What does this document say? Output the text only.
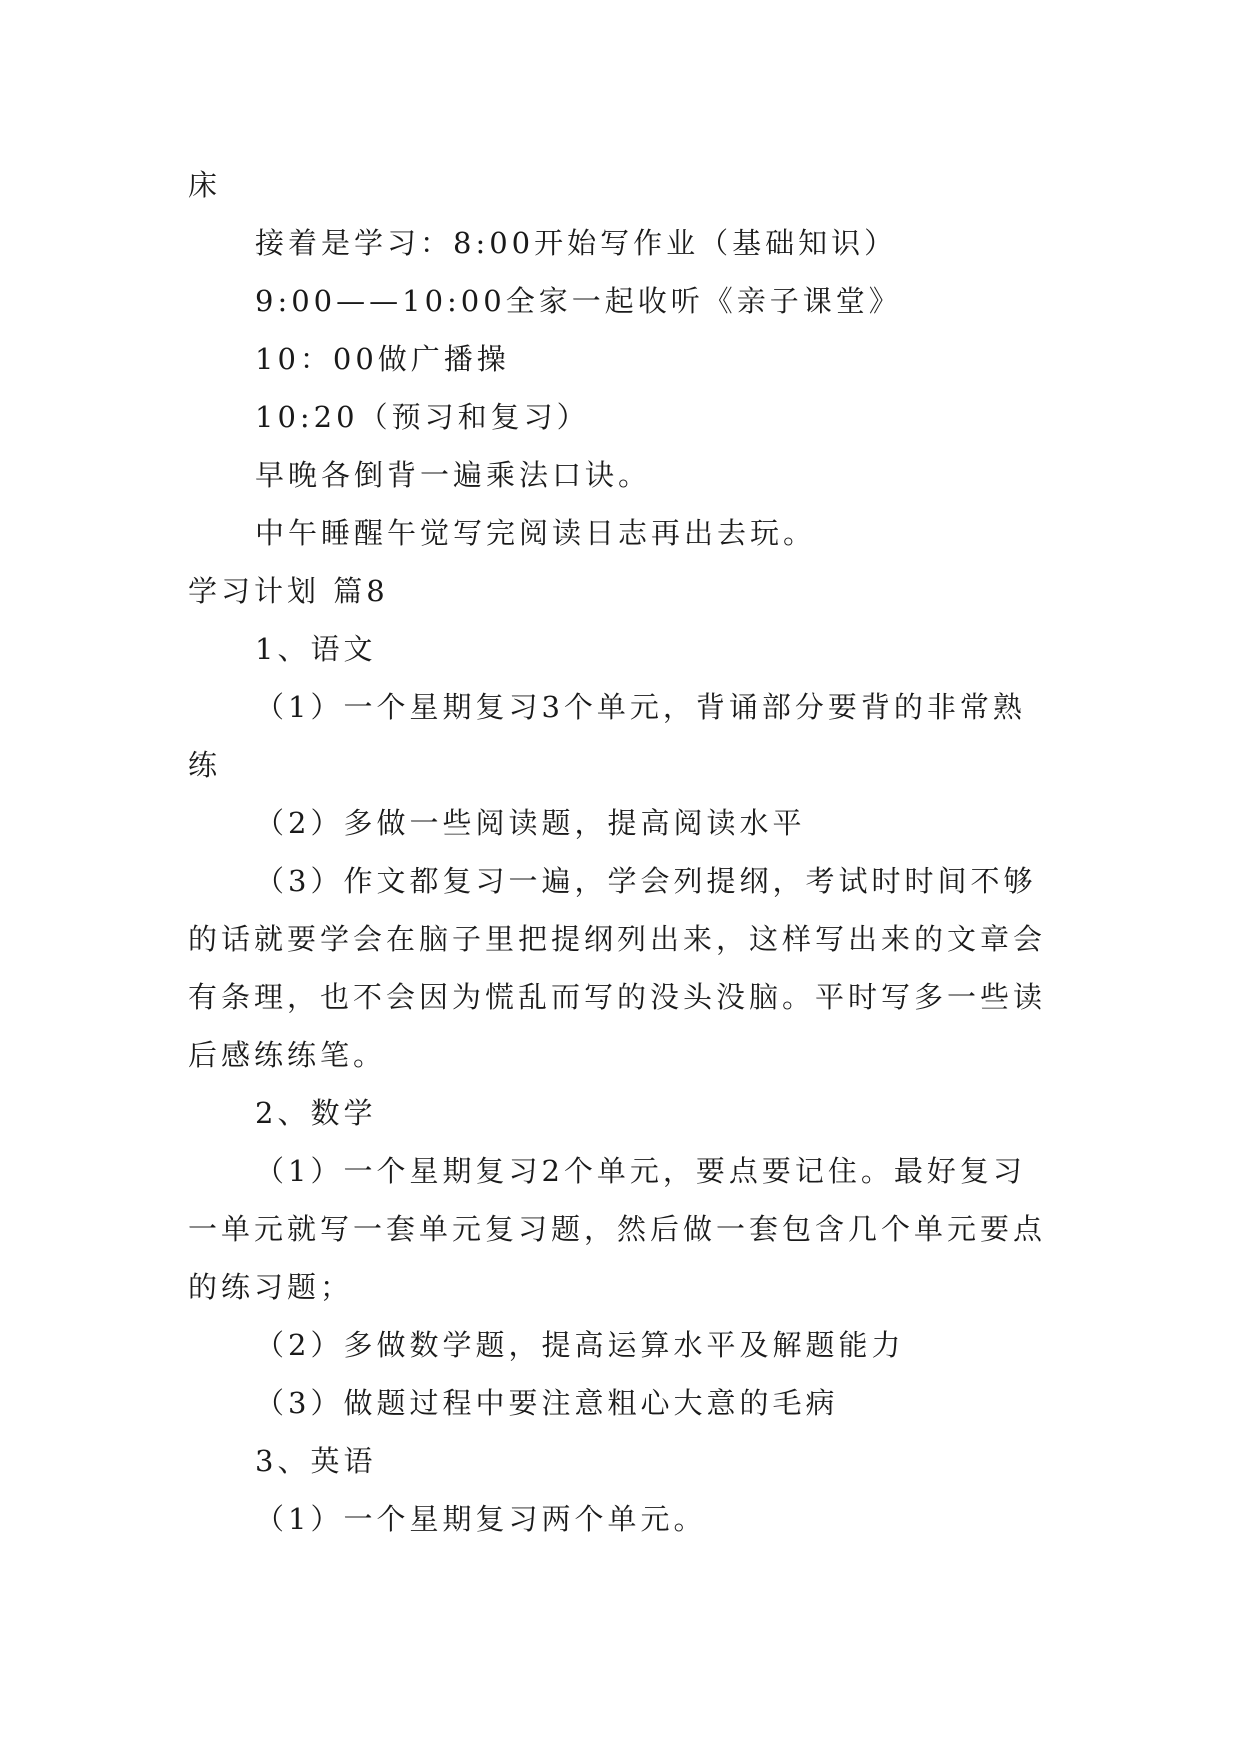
床
接着是学习：8:00开始写作业（基础知识）
9:00——10:00全家一起收听《亲子课堂》
10：00做广播操
10:20（预习和复习）
早晚各倒背一遍乘法口诀。
中午睡醒午觉写完阅读日志再出去玩。
学习计划 篇8
1、语文
（1）一个星期复习3个单元，背诵部分要背的非常熟
练
（2）多做一些阅读题，提高阅读水平
（3）作文都复习一遍，学会列提纲，考试时时间不够
的话就要学会在脑子里把提纲列出来，这样写出来的文章会
有条理，也不会因为慌乱而写的没头没脑。平时写多一些读
后感练练笔。
2、数学
（1）一个星期复习2个单元，要点要记住。最好复习
一单元就写一套单元复习题，然后做一套包含几个单元要点
的练习题；
（2）多做数学题，提高运算水平及解题能力
（3）做题过程中要注意粗心大意的毛病
3、英语
（1）一个星期复习两个单元。
